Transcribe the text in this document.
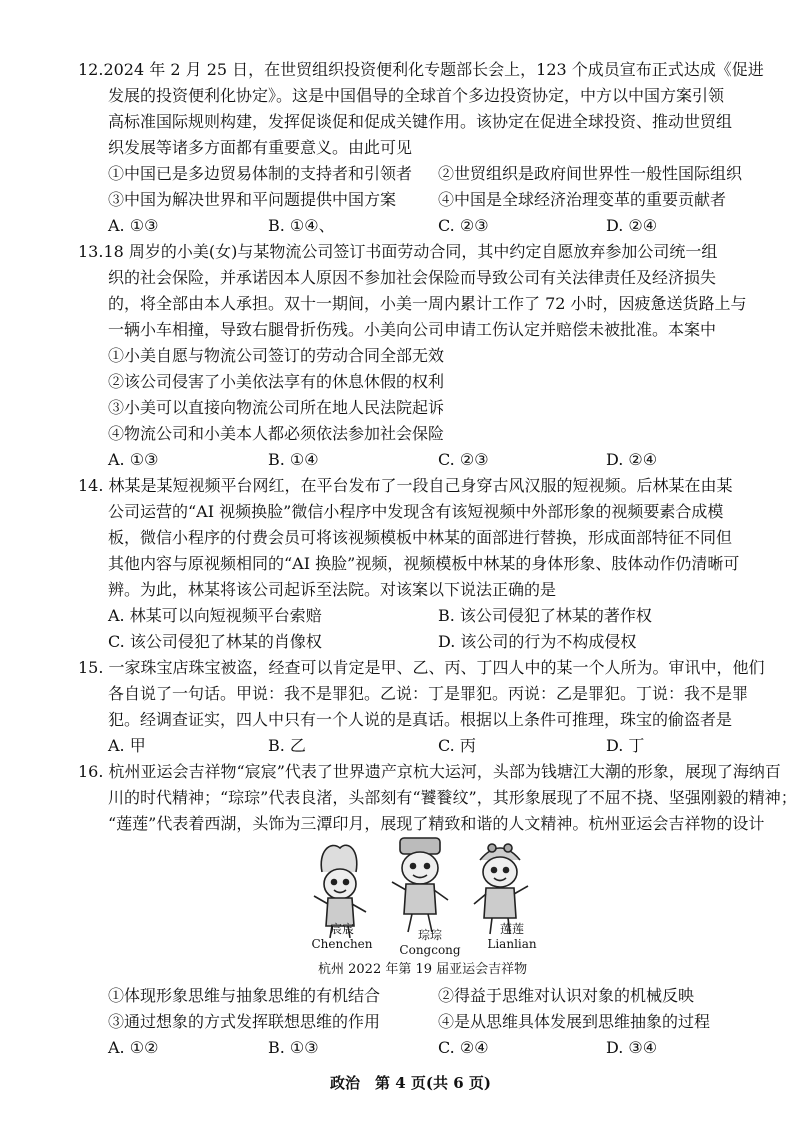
12.2024 年 2 月 25 日，在世贸组织投资便利化专题部长会上，123 个成员宣布正式达成《促进
发展的投资便利化协定》。这是中国倡导的全球首个多边投资协定，中方以中国方案引领
高标准国际规则构建，发挥促谈促和促成关键作用。该协定在促进全球投资、推动世贸组
织发展等诸多方面都有重要意义。由此可见
①中国已是多边贸易体制的支持者和引领者 ②世贸组织是政府间世界性一般性国际组织
③中国为解决世界和平问题提供中国方案	④中国是全球经济治理变革的重要贡献者
A. ①③	B. ①④、	C. ②③	D. ②④
13.18 周岁的小美(女)与某物流公司签订书面劳动合同，其中约定自愿放弃参加公司统一组
织的社会保险，并承诺因本人原因不参加社会保险而导致公司有关法律责任及经济损失
的，将全部由本人承担。双十一期间，小美一周内累计工作了 72 小时，因疲惫送货路上与
一辆小车相撞，导致右腿骨折伤残。小美向公司申请工伤认定并赔偿未被批准。本案中
①小美自愿与物流公司签订的劳动合同全部无效
②该公司侵害了小美依法享有的休息休假的权利
③小美可以直接向物流公司所在地人民法院起诉
④物流公司和小美本人都必须依法参加社会保险
A. ①③	B. ①④	C. ②③	D. ②④
14. 林某是某短视频平台网红，在平台发布了一段自己身穿古风汉服的短视频。后林某在由某
公司运营的“AI 视频换脸”微信小程序中发现含有该短视频中外部形象的视频要素合成模
板，微信小程序的付费会员可将该视频模板中林某的面部进行替换，形成面部特征不同但
其他内容与原视频相同的“AI 换脸”视频，视频模板中林某的身体形象、肢体动作仍清晰可
辨。为此，林某将该公司起诉至法院。对该案以下说法正确的是
A. 林某可以向短视频平台索赔	B. 该公司侵犯了林某的著作权
C. 该公司侵犯了林某的肖像权	D. 该公司的行为不构成侵权
15. 一家珠宝店珠宝被盗，经查可以肯定是甲、乙、丙、丁四人中的某一个人所为。审讯中，他们
各自说了一句话。甲说：我不是罪犯。乙说：丁是罪犯。丙说：乙是罪犯。丁说：我不是罪
犯。经调查证实，四人中只有一个人说的是真话。根据以上条件可推理，珠宝的偷盗者是
A. 甲	B. 乙	C. 丙	D. 丁
16. 杭州亚运会吉祥物“宸宸”代表了世界遗产京杭大运河，头部为钱塘江大潮的形象，展现了海纳百
川的时代精神；“琮琮”代表良渚，头部刻有“饕餮纹”，其形象展现了不屈不挠、坚强刚毅的精神；
“莲莲”代表着西湖，头饰为三潭印月，展现了精致和谐的人文精神。杭州亚运会吉祥物的设计
宸宸
Chenchen
琮琮
Congcong
莲莲
Lianlian
杭州 2022 年第 19 届亚运会吉祥物
①体现形象思维与抽象思维的有机结合	②得益于思维对认识对象的机械反映
③通过想象的方式发挥联想思维的作用	④是从思维具体发展到思维抽象的过程
A. ①②	B. ①③	C. ②④	D. ③④
政治　第 4 页(共 6 页)
